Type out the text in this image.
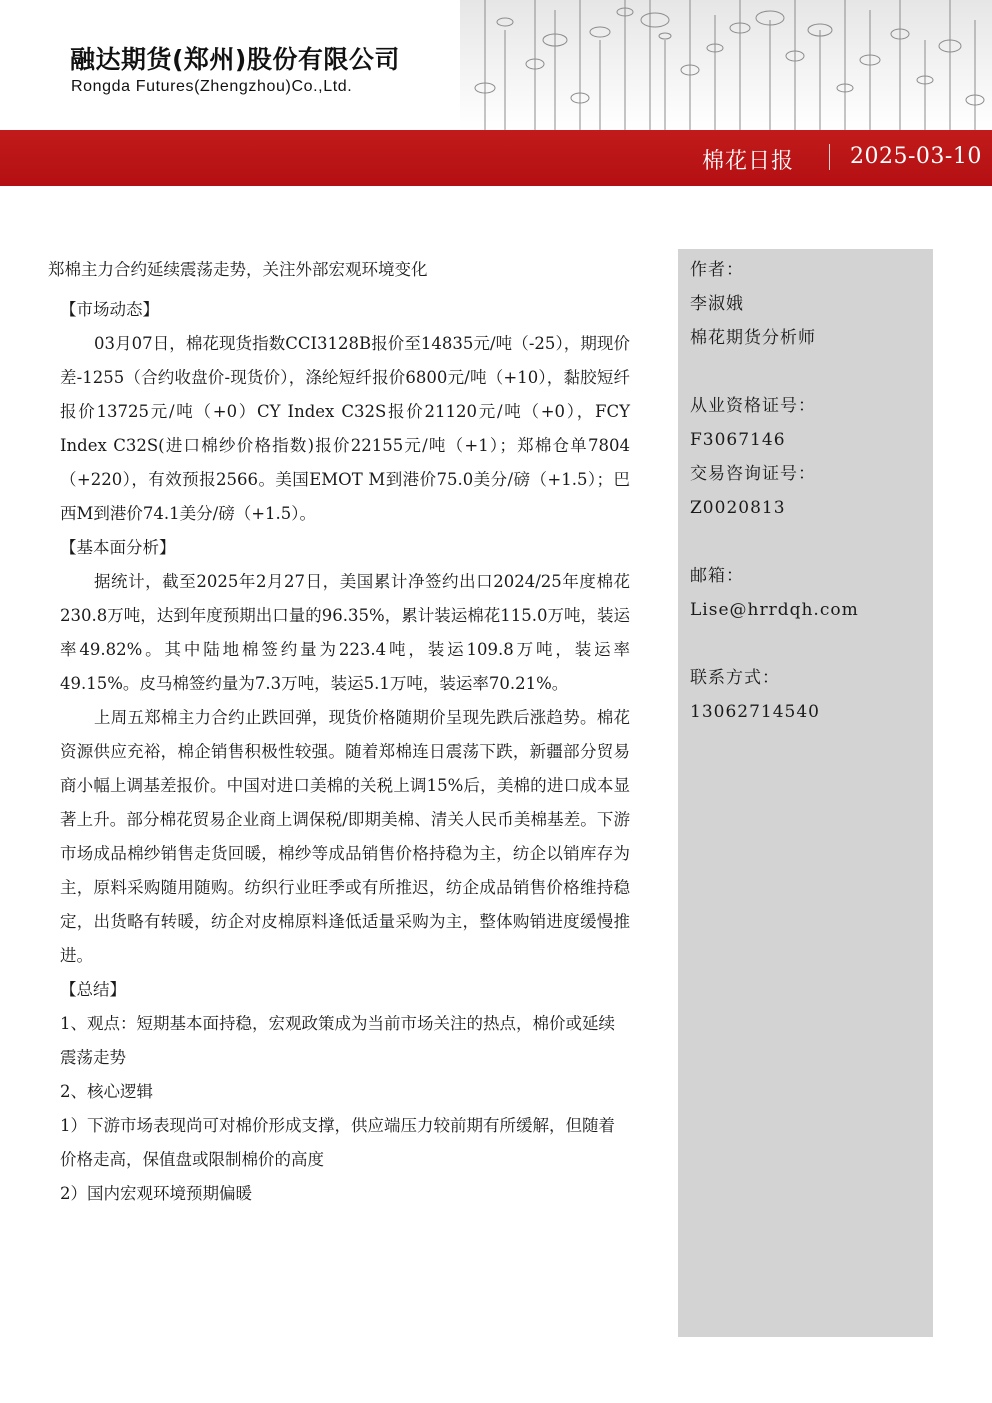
融达期货(郑州)股份有限公司
Rongda Futures(Zhengzhou)Co.,Ltd.
棉花日报	2025-03-10
郑棉主力合约延续震荡走势，关注外部宏观环境变化
【市场动态】
03月07日，棉花现货指数CCI3128B报价至14835元/吨（-25），期现价差-1255（合约收盘价-现货价），涤纶短纤报价6800元/吨（+10），黏胶短纤报价13725元/吨（+0）CY Index C32S报价21120元/吨（+0），FCY Index C32S(进口棉纱价格指数)报价22155元/吨（+1）；郑棉仓单7804（+220），有效预报2566。美国EMOT M到港价75.0美分/磅（+1.5）；巴西M到港价74.1美分/磅（+1.5）。
【基本面分析】
据统计，截至2025年2月27日，美国累计净签约出口2024/25年度棉花230.8万吨，达到年度预期出口量的96.35%，累计装运棉花115.0万吨，装运率49.82%。其中陆地棉签约量为223.4吨，装运109.8万吨，装运率49.15%。皮马棉签约量为7.3万吨，装运5.1万吨，装运率70.21%。
上周五郑棉主力合约止跌回弹，现货价格随期价呈现先跌后涨趋势。棉花资源供应充裕，棉企销售积极性较强。随着郑棉连日震荡下跌，新疆部分贸易商小幅上调基差报价。中国对进口美棉的关税上调15%后，美棉的进口成本显著上升。部分棉花贸易企业商上调保税/即期美棉、清关人民币美棉基差。下游市场成品棉纱销售走货回暖，棉纱等成品销售价格持稳为主，纺企以销库存为主，原料采购随用随购。纺织行业旺季或有所推迟，纺企成品销售价格维持稳定，出货略有转暖，纺企对皮棉原料逢低适量采购为主，整体购销进度缓慢推进。
【总结】
1、观点：短期基本面持稳，宏观政策成为当前市场关注的热点，棉价或延续震荡走势
2、核心逻辑
1）下游市场表现尚可对棉价形成支撑，供应端压力较前期有所缓解，但随着价格走高，保值盘或限制棉价的高度
2）国内宏观环境预期偏暖
作者：
李淑娥
棉花期货分析师
从业资格证号：
F3067146
交易咨询证号：
Z0020813
邮箱：
Lise@hrrdqh.com
联系方式：
13062714540
